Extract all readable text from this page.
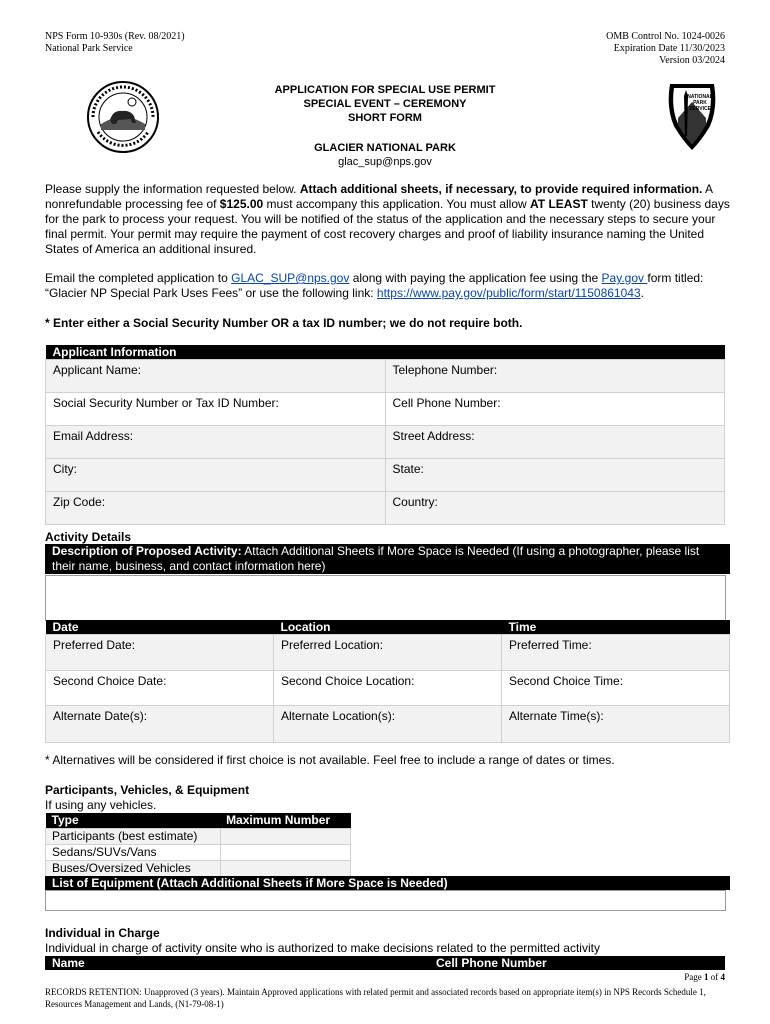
NPS Form 10-930s (Rev. 08/2021)
National Park Service
OMB Control No. 1024-0026
Expiration Date 11/30/2023
Version 03/2024
NATIONAL
PARK
SERVICE
APPLICATION FOR SPECIAL USE PERMIT
SPECIAL EVENT – CEREMONY
SHORT FORM
GLACIER NATIONAL PARK
glac_sup@nps.gov
Please supply the information requested below. Attach additional sheets, if necessary, to provide required information. A nonrefundable processing fee of $125.00 must accompany this application. You must allow AT LEAST twenty (20) business days for the park to process your request. You will be notified of the status of the application and the necessary steps to secure your final permit. Your permit may require the payment of cost recovery charges and proof of liability insurance naming the United States of America an additional insured.
Email the completed application to GLAC_SUP@nps.gov along with paying the application fee using the Pay.gov form titled: “Glacier NP Special Park Uses Fees” or use the following link: https://www.pay.gov/public/form/start/1150861043.
* Enter either a Social Security Number OR a tax ID number; we do not require both.
Applicant Information	
Applicant Name:	Telephone Number:
Social Security Number or Tax ID Number:	Cell Phone Number:
Email Address:	Street Address:
City:	State:
Zip Code:	Country:
Activity Details
Description of Proposed Activity: Attach Additional Sheets if More Space is Needed (If using a photographer, please list their name, business, and contact information here)
Date	Location	Time
Preferred Date:	Preferred Location:	Preferred Time:
Second Choice Date:	Second Choice Location:	Second Choice Time:
Alternate Date(s):	Alternate Location(s):	Alternate Time(s):
* Alternatives will be considered if first choice is not available. Feel free to include a range of dates or times.
Participants, Vehicles, & Equipment
If using any vehicles.
Type	Maximum Number
Participants (best estimate)	
Sedans/SUVs/Vans	
Buses/Oversized Vehicles	
List of Equipment (Attach Additional Sheets if More Space is Needed)
Individual in Charge
Individual in charge of activity onsite who is authorized to make decisions related to the permitted activity
Name	Cell Phone Number
Page 1 of 4
RECORDS RETENTION: Unapproved (3 years). Maintain Approved applications with related permit and associated records based on appropriate item(s) in NPS Records Schedule 1, Resources Management and Lands, (N1-79-08-1)
